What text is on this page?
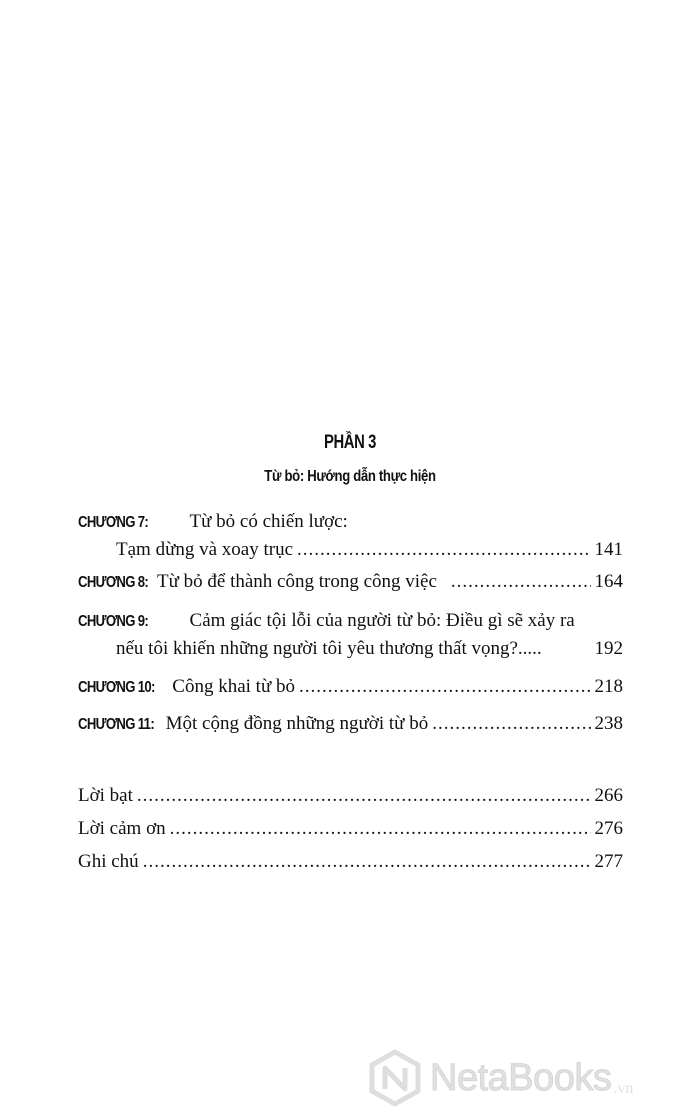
PHẦN 3
Từ bỏ: Hướng dẫn thực hiện
CHƯƠNG 7: Từ bỏ có chiến lược:
Tạm dừng và xoay trục .....	141
CHƯƠNG 8: Từ bỏ để thành công trong công việc .....	164
CHƯƠNG 9: Cảm giác tội lỗi của người từ bỏ: Điều gì sẽ xảy ra
nếu tôi khiến những người tôi yêu thương thất vọng?.....	192
CHƯƠNG 10: Công khai từ bỏ .....	218
CHƯƠNG 11: Một cộng đồng những người từ bỏ .....	238
Lời bạt .....	266
Lời cảm ơn .....	276
Ghi chú .....	277
NetaBooks .vn
